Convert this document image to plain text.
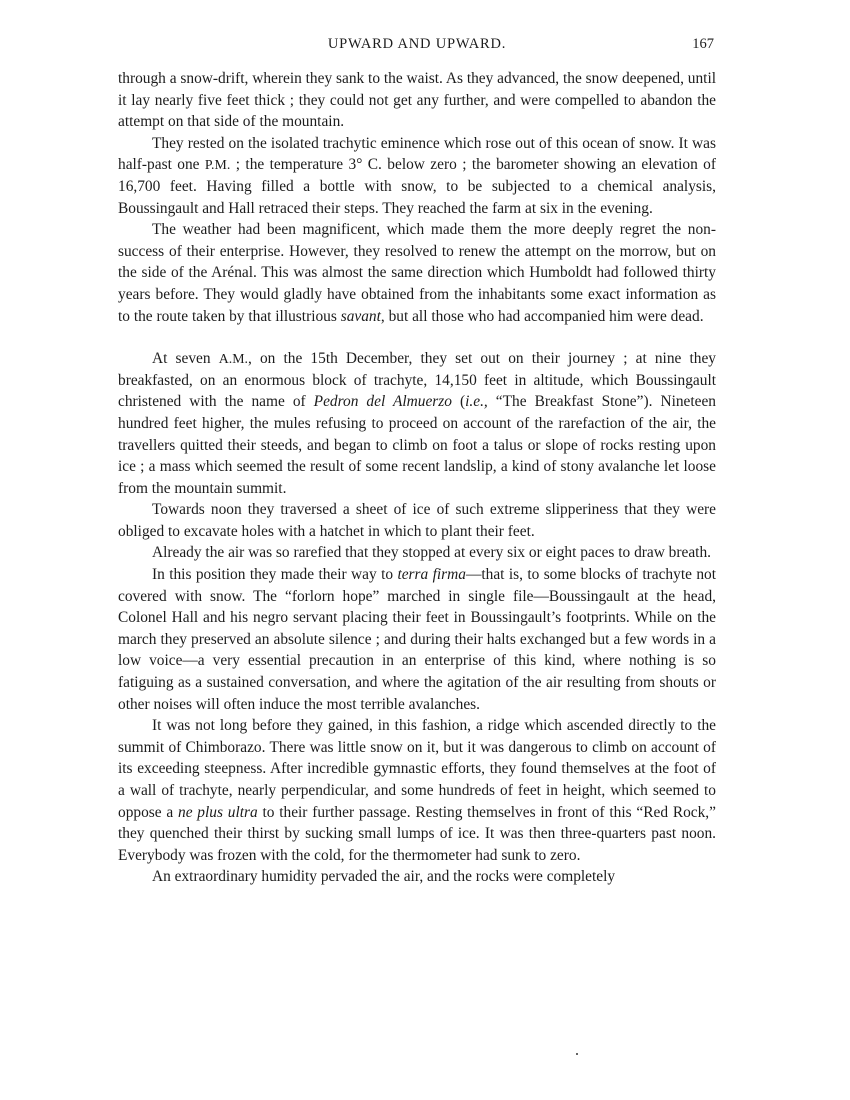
UPWARD AND UPWARD.	167

through a snow-drift, wherein they sank to the waist. As they advanced, the snow deepened, until it lay nearly five feet thick ; they could not get any further, and were compelled to abandon the attempt on that side of the mountain.

They rested on the isolated trachytic eminence which rose out of this ocean of snow. It was half-past one P.M. ; the temperature 3° C. below zero ; the barometer showing an elevation of 16,700 feet. Having filled a bottle with snow, to be subjected to a chemical analysis, Boussingault and Hall retraced their steps. They reached the farm at six in the evening.

The weather had been magnificent, which made them the more deeply regret the non-success of their enterprise. However, they resolved to renew the attempt on the morrow, but on the side of the Arénal. This was almost the same direction which Humboldt had followed thirty years before. They would gladly have obtained from the inhabitants some exact information as to the route taken by that illustrious savant, but all those who had accompanied him were dead.

At seven A.M., on the 15th December, they set out on their journey ; at nine they breakfasted, on an enormous block of trachyte, 14,150 feet in altitude, which Boussingault christened with the name of Pedron del Almuerzo (i.e., “The Breakfast Stone”). Nineteen hundred feet higher, the mules refusing to proceed on account of the rarefaction of the air, the travellers quitted their steeds, and began to climb on foot a talus or slope of rocks resting upon ice ; a mass which seemed the result of some recent landslip, a kind of stony avalanche let loose from the mountain summit.

Towards noon they traversed a sheet of ice of such extreme slipperiness that they were obliged to excavate holes with a hatchet in which to plant their feet.

Already the air was so rarefied that they stopped at every six or eight paces to draw breath.

In this position they made their way to terra firma—that is, to some blocks of trachyte not covered with snow. The “forlorn hope” marched in single file—Boussingault at the head, Colonel Hall and his negro servant placing their feet in Boussingault’s footprints. While on the march they preserved an absolute silence ; and during their halts exchanged but a few words in a low voice—a very essential precaution in an enterprise of this kind, where nothing is so fatiguing as a sustained conversation, and where the agitation of the air resulting from shouts or other noises will often induce the most terrible avalanches.

It was not long before they gained, in this fashion, a ridge which ascended directly to the summit of Chimborazo. There was little snow on it, but it was dangerous to climb on account of its exceeding steepness. After incredible gymnastic efforts, they found themselves at the foot of a wall of trachyte, nearly perpendicular, and some hundreds of feet in height, which seemed to oppose a ne plus ultra to their further passage. Resting themselves in front of this “Red Rock,” they quenched their thirst by sucking small lumps of ice. It was then three-quarters past noon. Everybody was frozen with the cold, for the thermometer had sunk to zero.

An extraordinary humidity pervaded the air, and the rocks were completely
